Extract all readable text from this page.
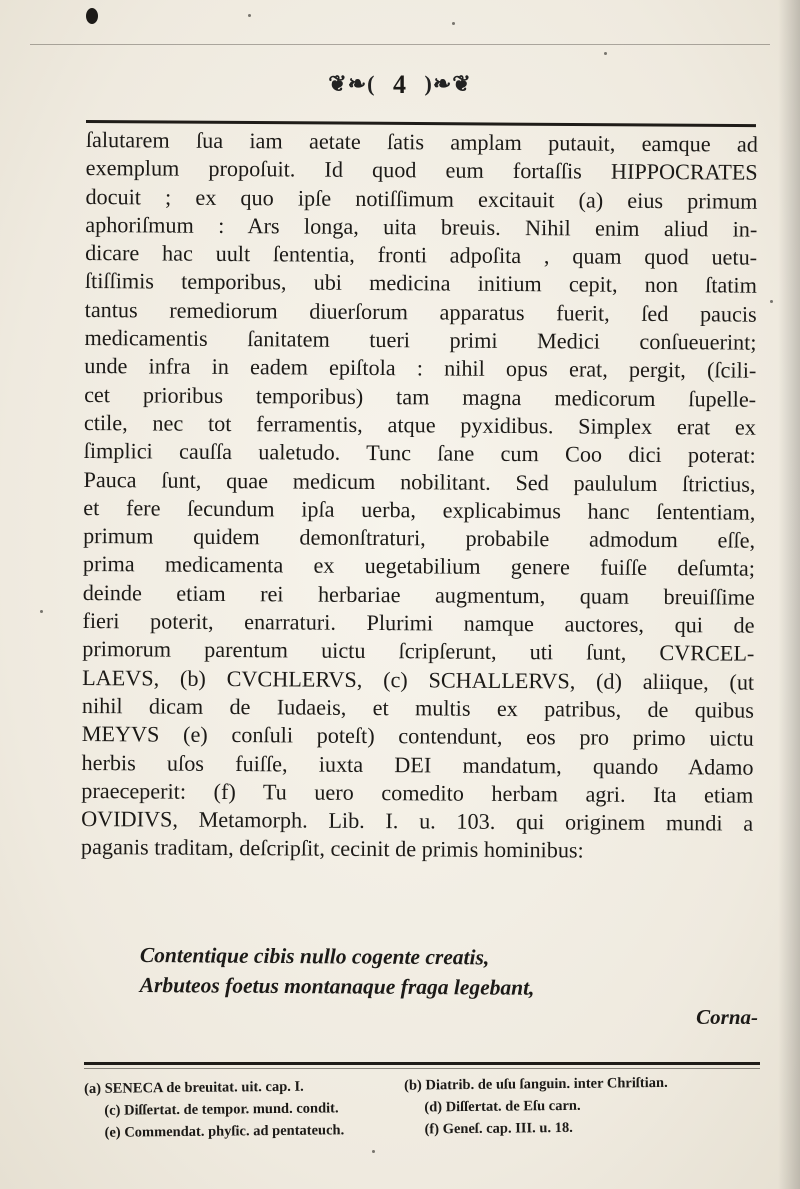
❦❧( 4 )❧❦
ſalutarem ſua iam aetate ſatis amplam putauit, eamque ad
exemplum propoſuit. Id quod eum fortaſſis HIPPOCRATES
docuit ; ex quo ipſe notiſſimum excitauit (a) eius primum
aphoriſmum : Ars longa, uita breuis. Nihil enim aliud in-
dicare hac uult ſententia, fronti adpoſita , quam quod uetu-
ſtiſſimis temporibus, ubi medicina initium cepit, non ſtatim
tantus remediorum diuerſorum apparatus fuerit, ſed paucis
medicamentis ſanitatem tueri primi Medici conſueuerint;
unde infra in eadem epiſtola : nihil opus erat, pergit, (ſcili-
cet prioribus temporibus) tam magna medicorum ſupelle-
ctile, nec tot ferramentis, atque pyxidibus. Simplex erat ex
ſimplici cauſſa ualetudo. Tunc ſane cum Coo dici poterat:
Pauca ſunt, quae medicum nobilitant. Sed paululum ſtrictius,
et fere ſecundum ipſa uerba, explicabimus hanc ſententiam,
primum quidem demonſtraturi, probabile admodum eſſe,
prima medicamenta ex uegetabilium genere fuiſſe deſumta;
deinde etiam rei herbariae augmentum, quam breuiſſime
fieri poterit, enarraturi. Plurimi namque auctores, qui de
primorum parentum uictu ſcripſerunt, uti ſunt, CVRCEL-
LAEVS, (b) CVCHLERVS, (c) SCHALLERVS, (d) aliique, (ut
nihil dicam de Iudaeis, et multis ex patribus, de quibus
MEYVS (e) conſuli poteſt) contendunt, eos pro primo uictu
herbis uſos fuiſſe, iuxta DEI mandatum, quando Adamo
praeceperit: (f) Tu uero comedito herbam agri. Ita etiam
OVIDIVS, Metamorph. Lib. I. u. 103. qui originem mundi a
paganis traditam, deſcripſit, cecinit de primis hominibus:
Contentique cibis nullo cogente creatis,
Arbuteos foetus montanaque fraga legebant,
Corna-
(a) SENECA de breuitat. uit. cap. I.	(b) Diatrib. de uſu ſanguin. inter Chriſtian.
(c) Diſſertat. de tempor. mund. condit.	(d) Diſſertat. de Eſu carn.
(e) Commendat. phyſic. ad pentateuch.	(f) Geneſ. cap. III. u. 18.
